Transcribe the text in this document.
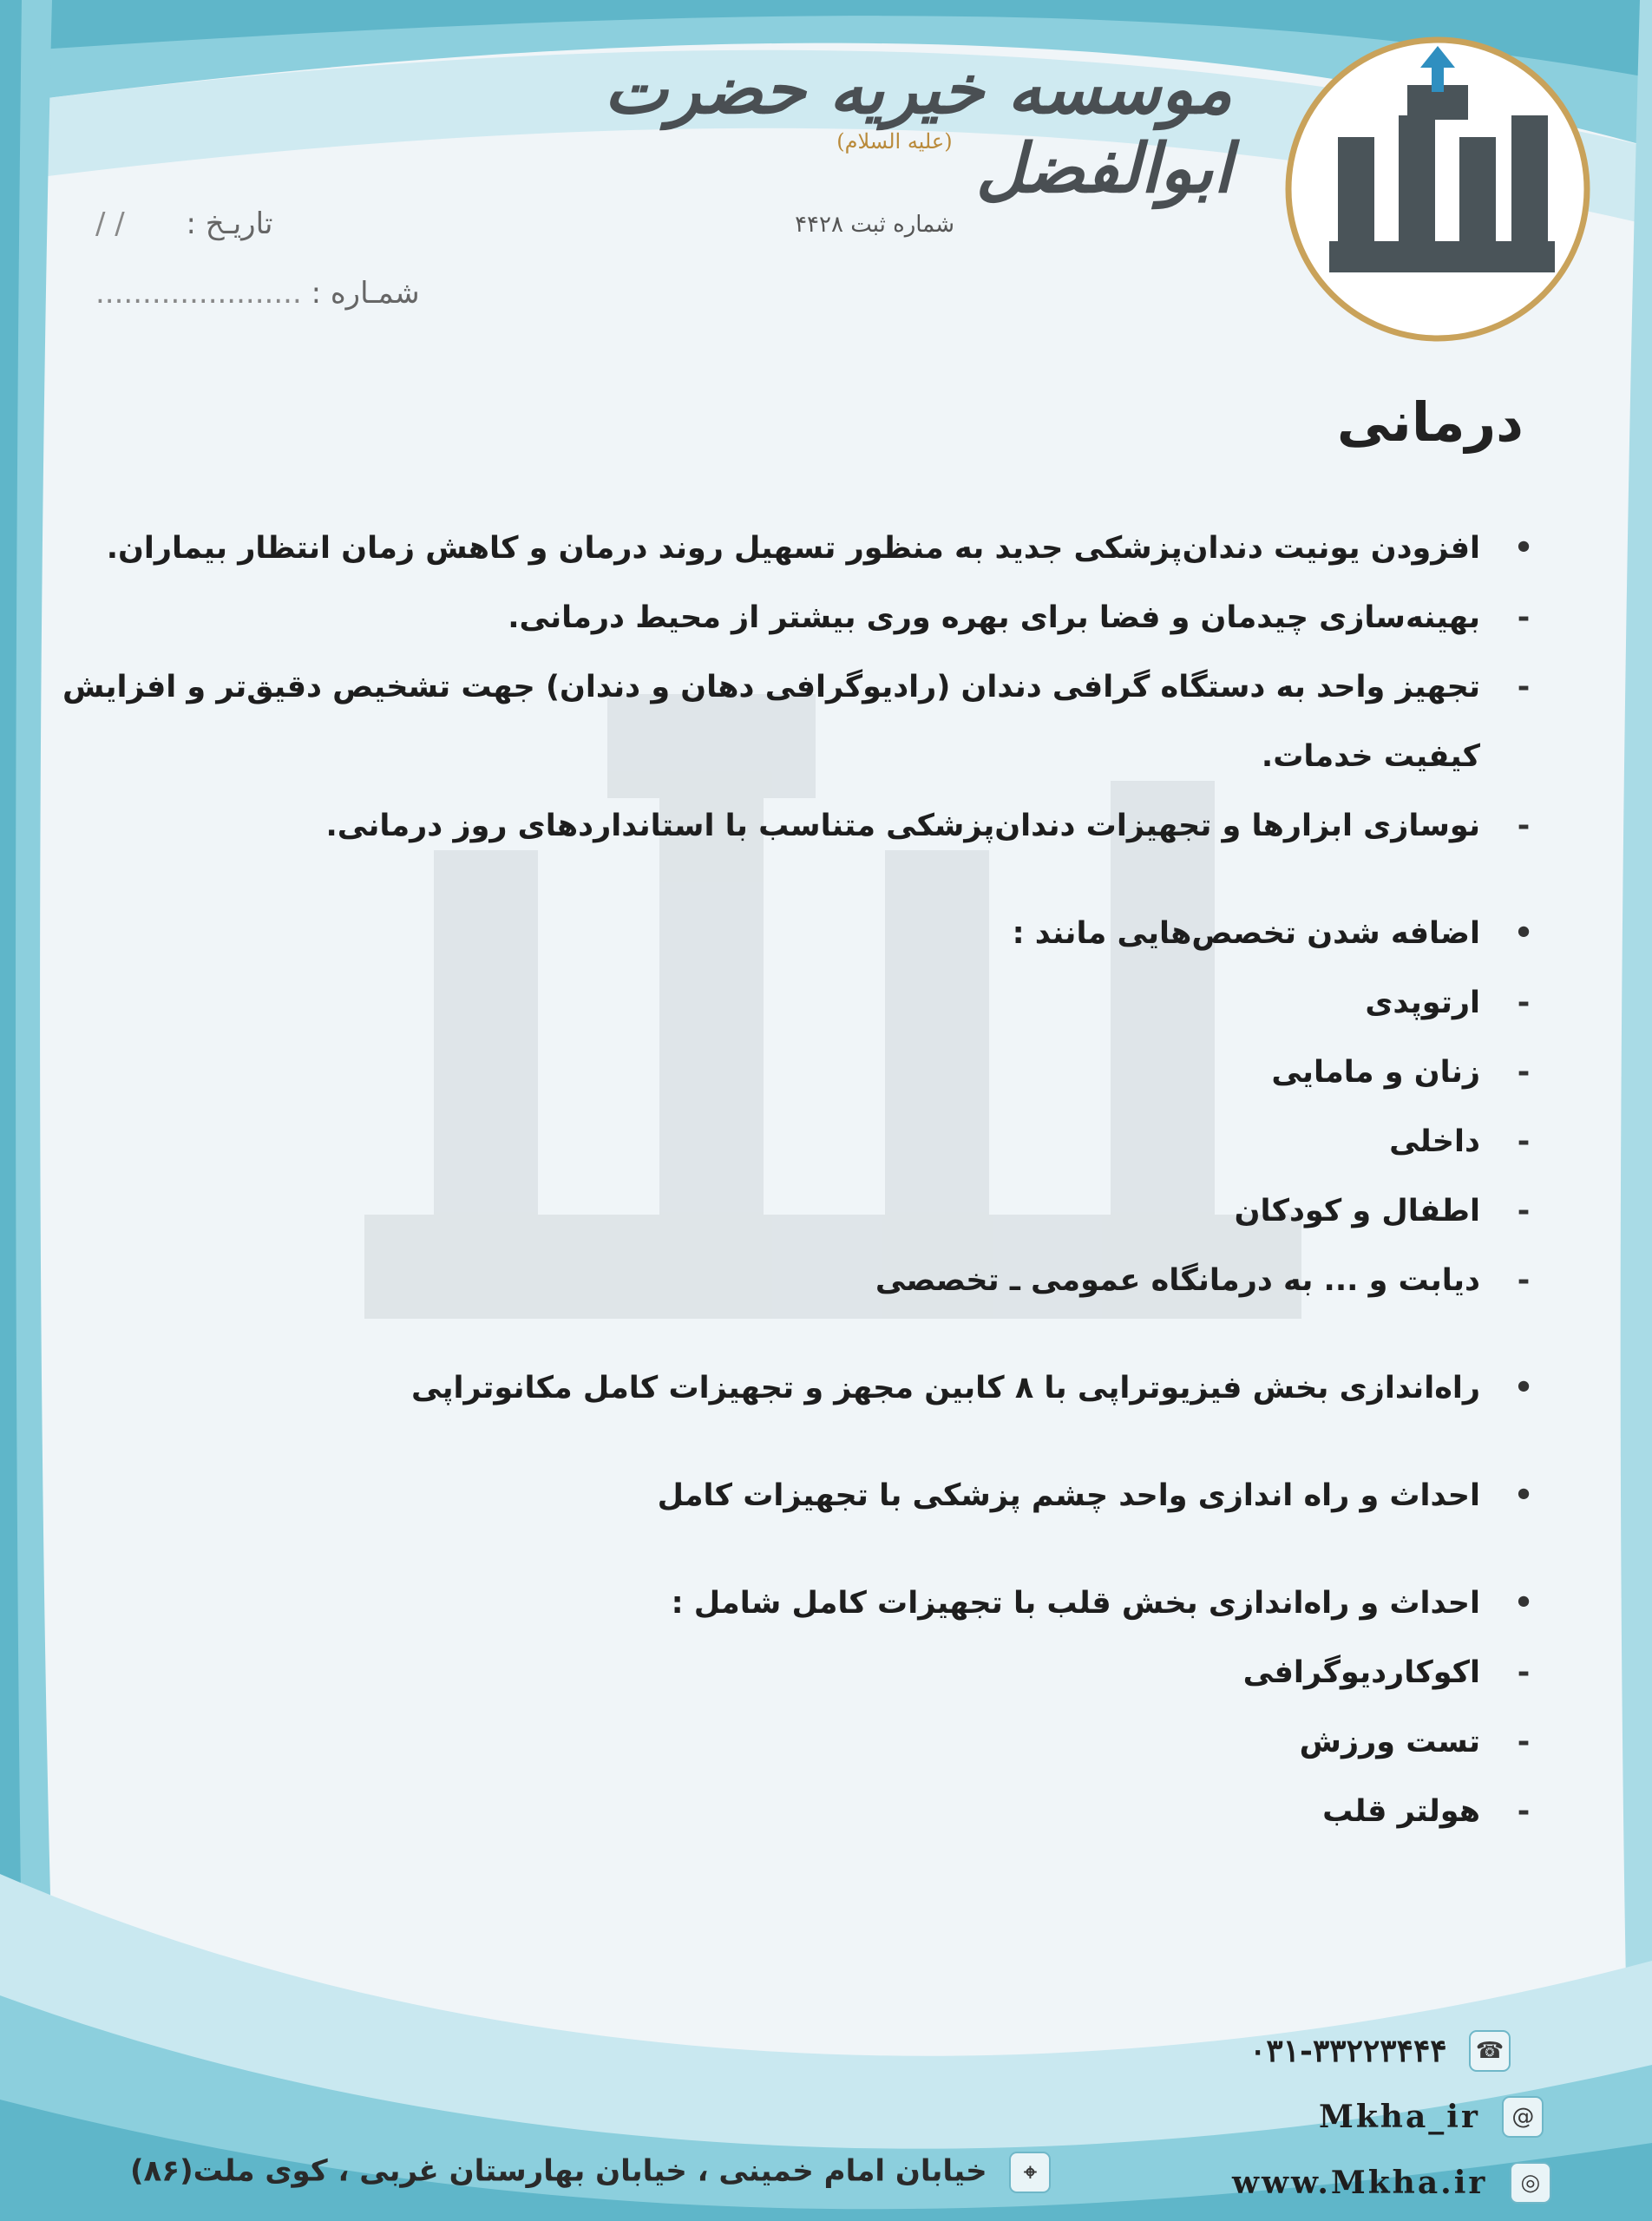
موسسه خیریه حضرت ابوالفضل $^{(علیه السلام)}$
شماره ثبت ۴۴۲۸
تاریـخ : / /
شمـاره : ......................
درمانی
•
افزودن یونیت دندان‌پزشکی جدید به منظور تسهیل روند درمان و کاهش زمان انتظار بیماران.
-
بهینه‌سازی چیدمان و فضا برای بهره وری بیشتر از محیط درمانی.
-
تجهیز واحد به دستگاه گرافی دندان (رادیوگرافی دهان و دندان) جهت تشخیص دقیق‌تر و افزایش
کیفیت خدمات.
-
نوسازی ابزارها و تجهیزات دندان‌پزشکی متناسب با استانداردهای روز درمانی.
•
اضافه شدن تخصص‌هایی مانند :
-
ارتوپدی
-
زنان و مامایی
-
داخلی
-
اطفال و کودکان
-
دیابت و ... به درمانگاه عمومی ـ تخصصی
•
راه‌اندازی بخش فیزیوتراپی با ۸ کابین مجهز و تجهیزات کامل مکانوتراپی
•
احداث و راه اندازی واحد چشم پزشکی با تجهیزات کامل
•
احداث و راه‌اندازی بخش قلب با تجهیزات کامل شامل :
-
اکوکاردیوگرافی
-
تست ورزش
-
هولتر قلب
۰۳۱-۳۳۲۲۳۴۴۴ ☎
Mkha_ir @
www.Mkha.ir ◎
⌖ خیابان امام خمینی ، خیابان بهارستان غربی ، کوی ملت(۸۶)
